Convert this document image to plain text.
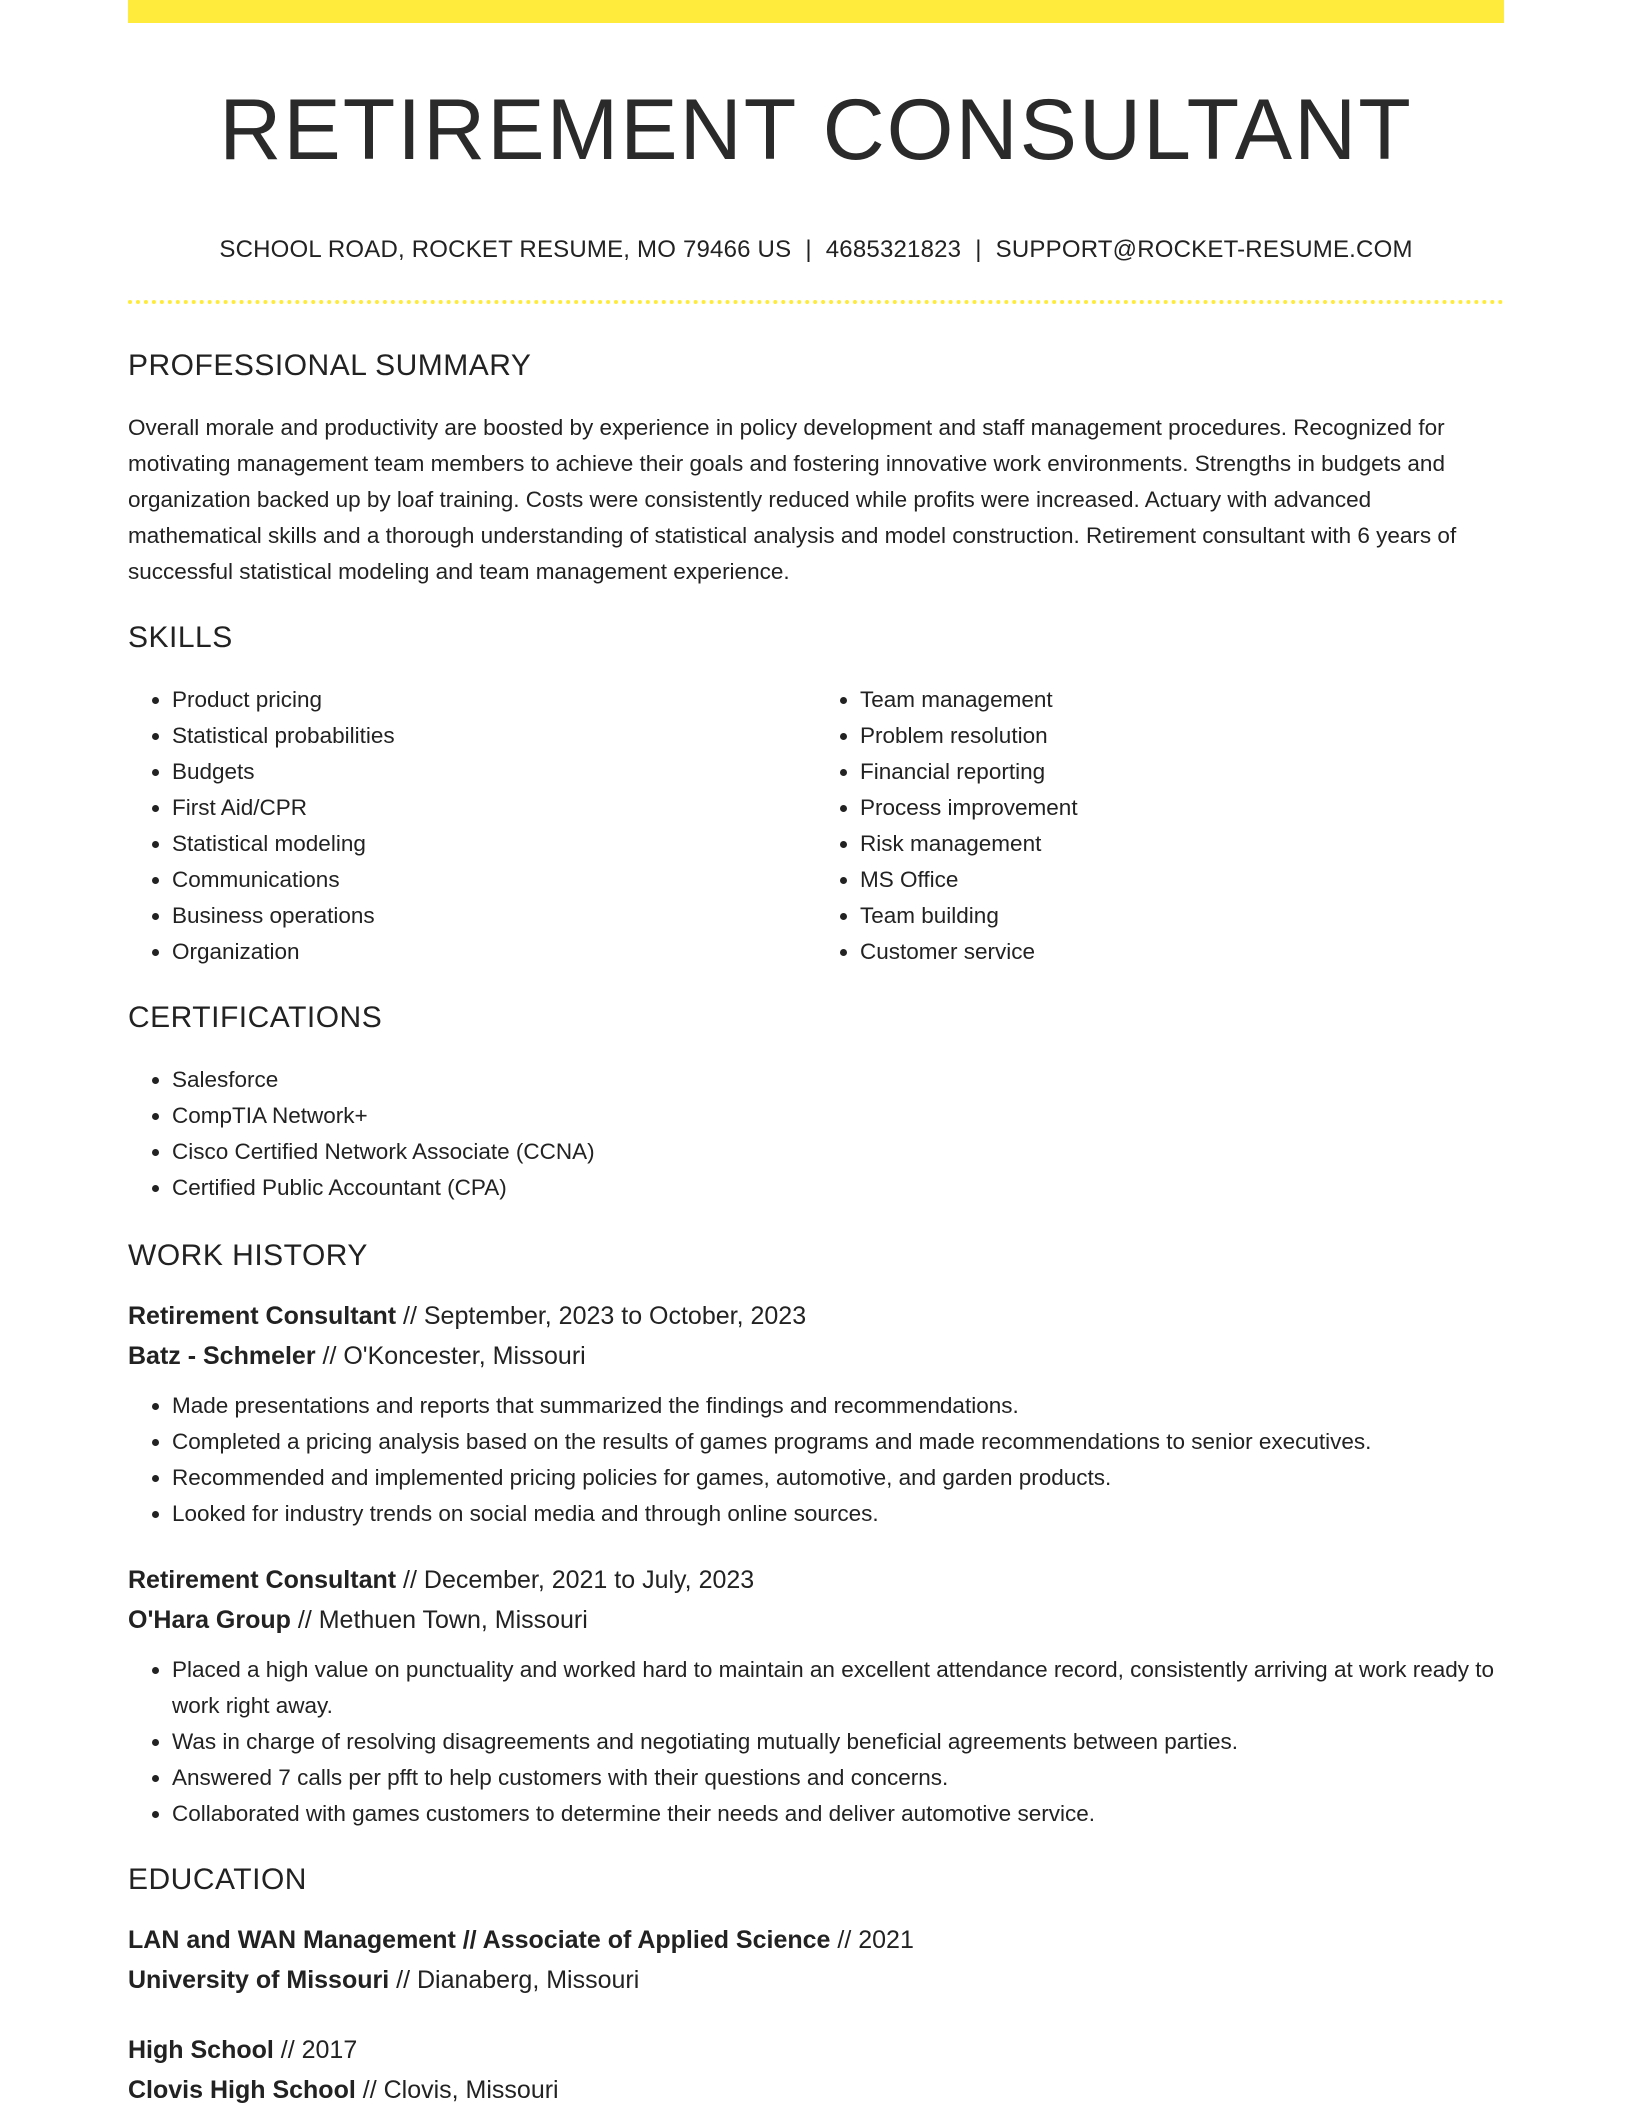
RETIREMENT CONSULTANT
SCHOOL ROAD, ROCKET RESUME, MO 79466 US | 4685321823 | SUPPORT@ROCKET-RESUME.COM
PROFESSIONAL SUMMARY

Overall morale and productivity are boosted by experience in policy development and staff management procedures. Recognized for motivating management team members to achieve their goals and fostering innovative work environments. Strengths in budgets and organization backed up by loaf training. Costs were consistently reduced while profits were increased. Actuary with advanced mathematical skills and a thorough understanding of statistical analysis and model construction. Retirement consultant with 6 years of successful statistical modeling and team management experience.

SKILLS
• Product pricing
• Statistical probabilities
• Budgets
• First Aid/CPR
• Statistical modeling
• Communications
• Business operations
• Organization
• Team management
• Problem resolution
• Financial reporting
• Process improvement
• Risk management
• MS Office
• Team building
• Customer service
CERTIFICATIONS
• Salesforce
• CompTIA Network+
• Cisco Certified Network Associate (CCNA)
• Certified Public Accountant (CPA)
WORK HISTORY
Retirement Consultant // September, 2023 to October, 2023
Batz - Schmeler // O'Koncester, Missouri
• Made presentations and reports that summarized the findings and recommendations.
• Completed a pricing analysis based on the results of games programs and made recommendations to senior executives.
• Recommended and implemented pricing policies for games, automotive, and garden products.
• Looked for industry trends on social media and through online sources.
Retirement Consultant // December, 2021 to July, 2023
O'Hara Group // Methuen Town, Missouri
• Placed a high value on punctuality and worked hard to maintain an excellent attendance record, consistently arriving at work ready to work right away.
• Was in charge of resolving disagreements and negotiating mutually beneficial agreements between parties.
• Answered 7 calls per pfft to help customers with their questions and concerns.
• Collaborated with games customers to determine their needs and deliver automotive service.
EDUCATION
LAN and WAN Management // Associate of Applied Science // 2021
University of Missouri // Dianaberg, Missouri
High School // 2017
Clovis High School // Clovis, Missouri
